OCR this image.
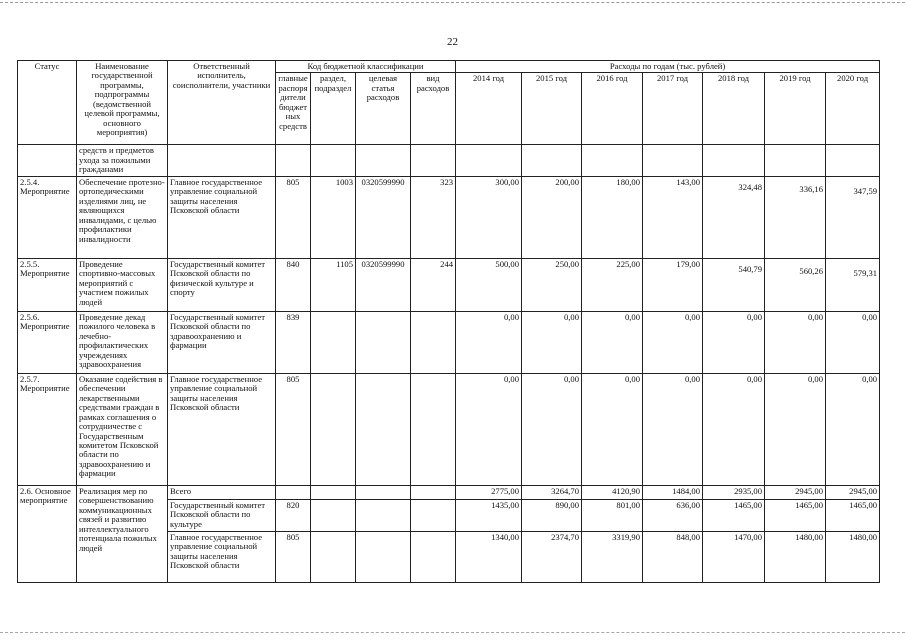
22
Статус	Наименование государственной программы, подпрограммы (ведомственной целевой программы, основного мероприятия)	Ответственный исполнитель, соисполнители, участники	Код бюджетной классификации				Расходы по годам (тыс. рублей)						
			главные распоря дители бюджет ных средств	раздел, подраздел	целевая статья расходов	вид расходов	2014 год	2015 год	2016 год	2017 год	2018 год	2019 год	2020 год
	средств и предметов ухода за пожилыми гражданами												
2.5.4. Мероприятие	Обеспечение протезно-ортопедическими изделиями лиц, не являющихся инвалидами, с целью профилактики инвалидности	Главное государственное управление социальной защиты населения Псковской области	805	1003	0320599990	323	300,00	200,00	180,00	143,00	324,48	336,16	347,59
2.5.5. Мероприятие	Проведение спортивно-массовых мероприятий с участием пожилых людей	Государственный комитет Псковской области по физической культуре и спорту	840	1105	0320599990	244	500,00	250,00	225,00	179,00	540,79	560,26	579,31
2.5.6. Мероприятие	Проведение декад пожилого человека в лечебно-профилактических учреждениях здравоохранения	Государственный комитет Псковской области по здравоохранению и фармации	839				0,00	0,00	0,00	0,00	0,00	0,00	0,00
2.5.7. Мероприятие	Оказание содействия в обеспечении лекарственными средствами граждан в рамках соглашения о сотрудничестве с Государственным комитетом Псковской области по здравоохранению и фармации	Главное государственное управление социальной защиты населения Псковской области	805				0,00	0,00	0,00	0,00	0,00	0,00	0,00
2.6. Основное мероприятие	Реализация мер по совершенствованию коммуникационных связей и развитию интеллектуального потенциала пожилых людей	Всего					2775,00	3264,70	4120,90	1484,00	2935,00	2945,00	2945,00
		Государственный комитет Псковской области по культуре	820				1435,00	890,00	801,00	636,00	1465,00	1465,00	1465,00
		Главное государственное управление социальной защиты населения Псковской области	805				1340,00	2374,70	3319,90	848,00	1470,00	1480,00	1480,00
